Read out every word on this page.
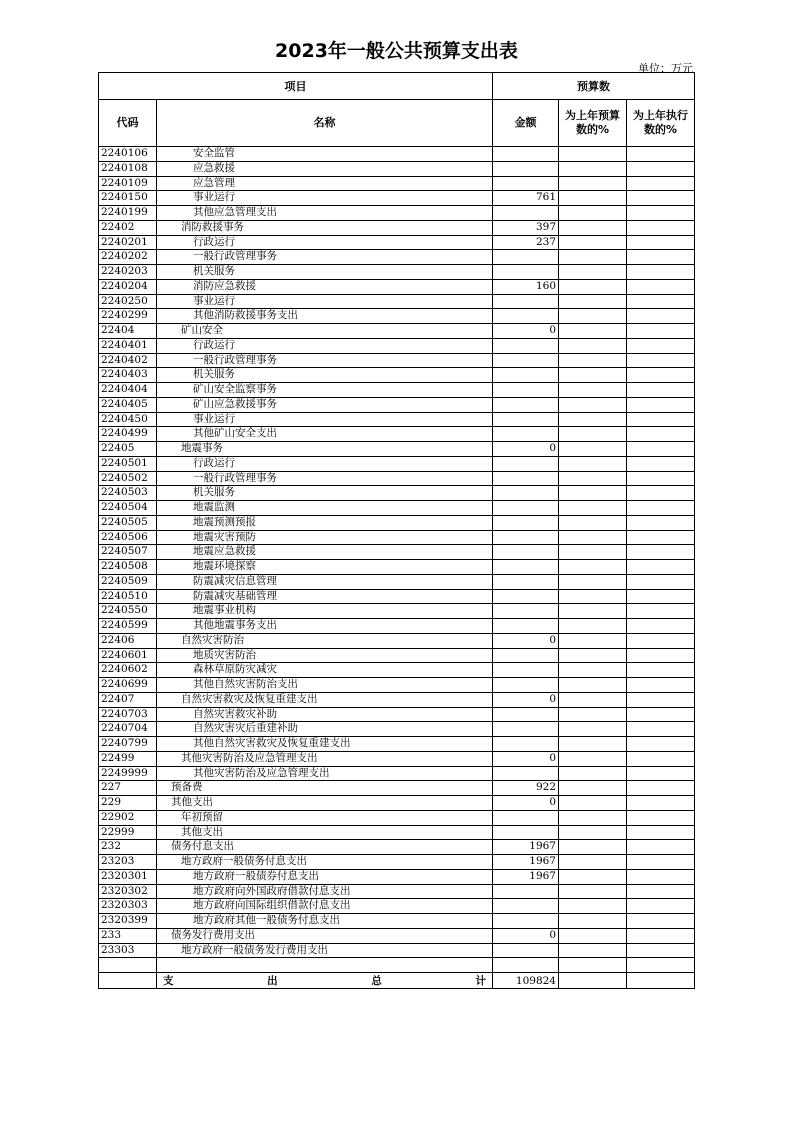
2023年一般公共预算支出表
单位：万元
项目		预算数		
代码	名称	金额	为上年预算数的%	为上年执行数的%
2240106	安全监管			
2240108	应急救援			
2240109	应急管理			
2240150	事业运行	761		
2240199	其他应急管理支出			
22402	消防救援事务	397		
2240201	行政运行	237		
2240202	一般行政管理事务			
2240203	机关服务			
2240204	消防应急救援	160		
2240250	事业运行			
2240299	其他消防救援事务支出			
22404	矿山安全	0		
2240401	行政运行			
2240402	一般行政管理事务			
2240403	机关服务			
2240404	矿山安全监察事务			
2240405	矿山应急救援事务			
2240450	事业运行			
2240499	其他矿山安全支出			
22405	地震事务	0		
2240501	行政运行			
2240502	一般行政管理事务			
2240503	机关服务			
2240504	地震监测			
2240505	地震预测预报			
2240506	地震灾害预防			
2240507	地震应急救援			
2240508	地震环境探察			
2240509	防震减灾信息管理			
2240510	防震减灾基础管理			
2240550	地震事业机构			
2240599	其他地震事务支出			
22406	自然灾害防治	0		
2240601	地质灾害防治			
2240602	森林草原防灾减灾			
2240699	其他自然灾害防治支出			
22407	自然灾害救灾及恢复重建支出	0		
2240703	自然灾害救灾补助			
2240704	自然灾害灾后重建补助			
2240799	其他自然灾害救灾及恢复重建支出			
22499	其他灾害防治及应急管理支出	0		
2249999	其他灾害防治及应急管理支出			
227	预备费	922		
229	其他支出	0		
22902	年初预留			
22999	其他支出			
232	债务付息支出	1967		
23203	地方政府一般债务付息支出	1967		
2320301	地方政府一般债券付息支出	1967		
2320302	地方政府向外国政府借款付息支出			
2320303	地方政府向国际组织借款付息支出			
2320399	地方政府其他一般债务付息支出			
233	债务发行费用支出	0		
23303	地方政府一般债务发行费用支出			

	支 出 总 计	109824		
